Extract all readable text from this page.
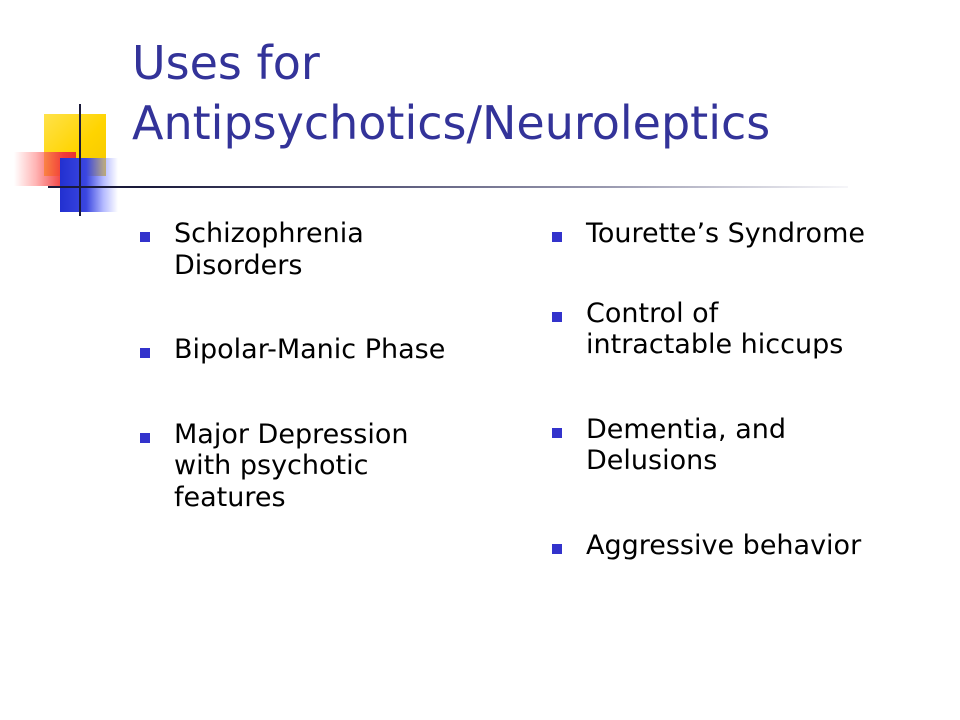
Uses for
Antipsychotics/Neuroleptics
Schizophrenia
Disorders
Bipolar-Manic Phase
Major Depression
with psychotic
features
Tourette’s Syndrome
Control of
intractable hiccups
Dementia, and
Delusions
Aggressive behavior
